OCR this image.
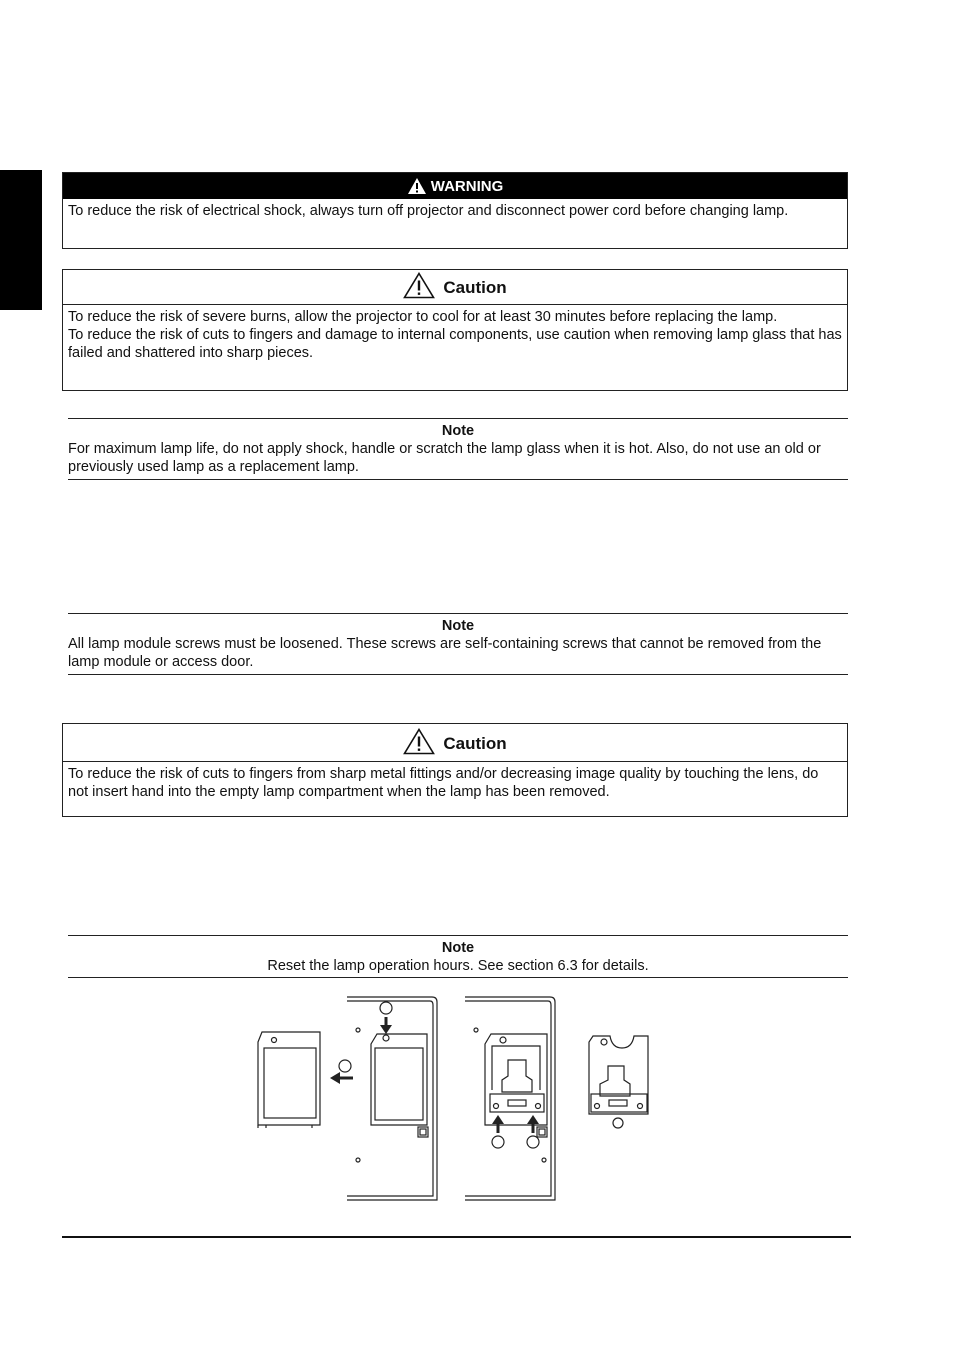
WARNING
To reduce the risk of electrical shock, always turn off projector and disconnect power cord before changing lamp.
Caution
To reduce the risk of severe burns, allow the projector to cool for at least 30 minutes before replacing the lamp.
To reduce the risk of cuts to fingers and damage to internal components, use caution when removing lamp glass that has failed and shattered into sharp pieces.
Note
For maximum lamp life, do not apply shock, handle or scratch the lamp glass when it is hot. Also, do not use an old or previously used lamp as a replacement lamp.
Note
All lamp module screws must be loosened. These screws are self-containing screws that cannot be removed from the lamp module or access door.
Caution
To reduce the risk of cuts to fingers from sharp metal fittings and/or decreasing image quality by touching the lens, do not insert hand into the empty lamp compartment when the lamp has been removed.
Note
Reset the lamp operation hours. See section 6.3 for details.
